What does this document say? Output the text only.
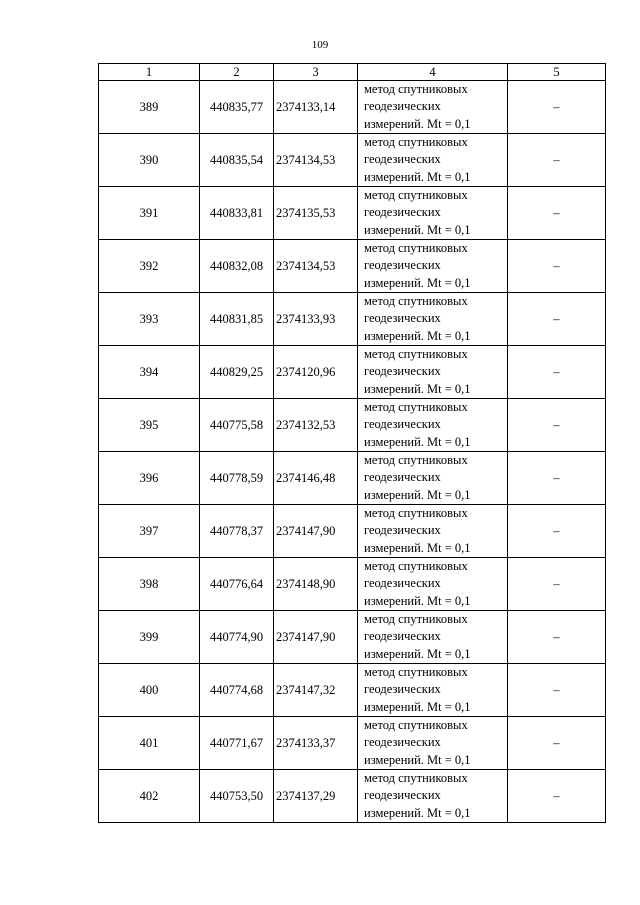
109
1	2	3	4	5
389	440835,77	2374133,14	метод спутниковых
геодезических
измерений. Mt = 0,1	–
390	440835,54	2374134,53	метод спутниковых
геодезических
измерений. Mt = 0,1	–
391	440833,81	2374135,53	метод спутниковых
геодезических
измерений. Mt = 0,1	–
392	440832,08	2374134,53	метод спутниковых
геодезических
измерений. Mt = 0,1	–
393	440831,85	2374133,93	метод спутниковых
геодезических
измерений. Mt = 0,1	–
394	440829,25	2374120,96	метод спутниковых
геодезических
измерений. Mt = 0,1	–
395	440775,58	2374132,53	метод спутниковых
геодезических
измерений. Mt = 0,1	–
396	440778,59	2374146,48	метод спутниковых
геодезических
измерений. Mt = 0,1	–
397	440778,37	2374147,90	метод спутниковых
геодезических
измерений. Mt = 0,1	–
398	440776,64	2374148,90	метод спутниковых
геодезических
измерений. Mt = 0,1	–
399	440774,90	2374147,90	метод спутниковых
геодезических
измерений. Mt = 0,1	–
400	440774,68	2374147,32	метод спутниковых
геодезических
измерений. Mt = 0,1	–
401	440771,67	2374133,37	метод спутниковых
геодезических
измерений. Mt = 0,1	–
402	440753,50	2374137,29	метод спутниковых
геодезических
измерений. Mt = 0,1	–
